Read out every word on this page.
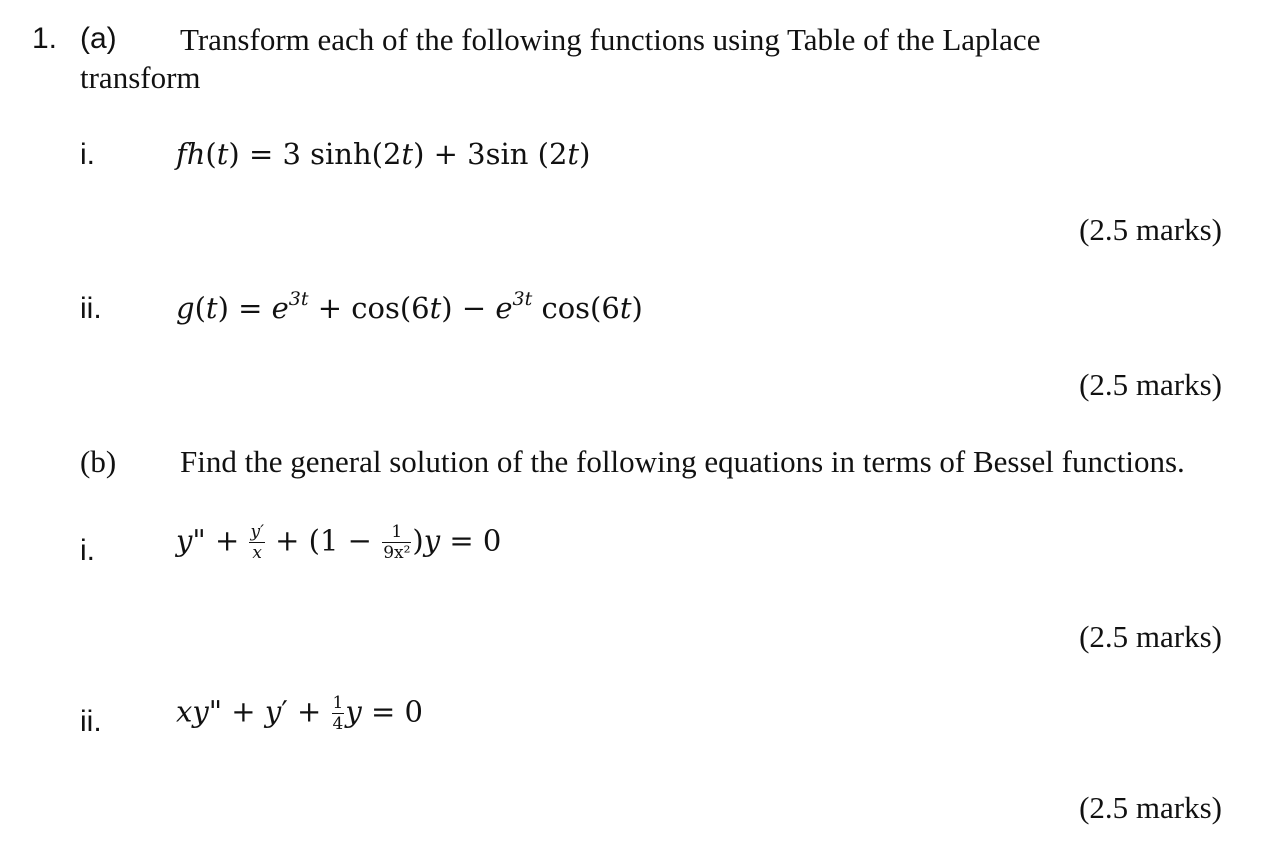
1. (a) Transform each of the following functions using Table of the Laplace
transform
i.	fh(t) = 3 sinh(2t) + 3sin (2t)
(2.5 marks)
ii.	$g(t) = e^{3t} + \cos(6t) - e^{3t}$ cos(6t)
(2.5 marks)
(b) Find the general solution of the following equations in terms of Bessel functions.
i.	y" + $\frac{y'}{x} + (1 - \frac{1}{\text{9x²}} )y = 0$
(2.5 marks)
ii.	xy" + $y' + \frac{1}{4}$ y = 0
(2.5 marks)
